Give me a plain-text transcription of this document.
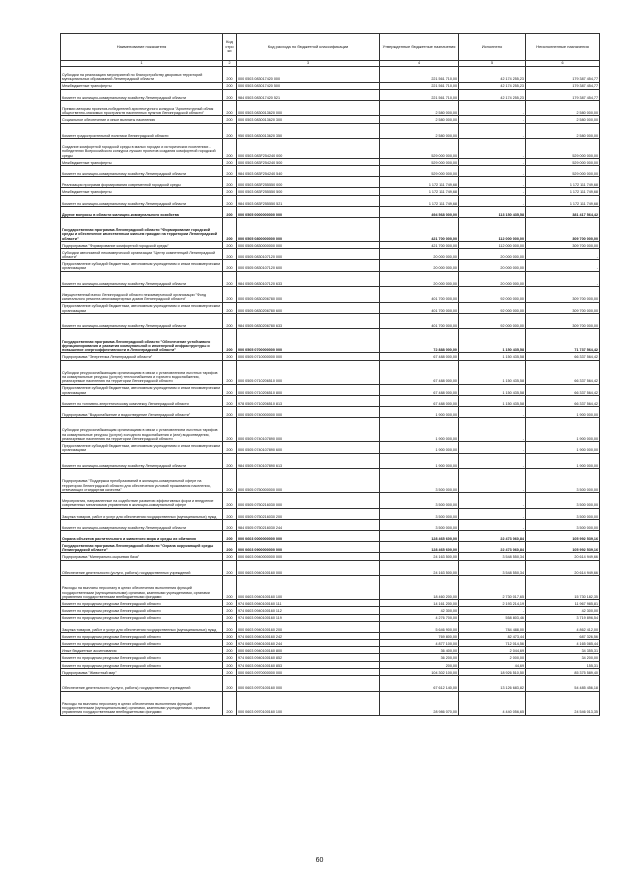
Наименование показателя	Код стро ки	Код расхода по бюджетной классификации	Утвержденные бюджетные назначения	Исполнено	Неисполненные назначения
1	2	3	4	5	6
Субсидии на реализацию мероприятий по благоустройству дворовых территорий муниципальных образований Ленинградской области	200	000 0503 083017420 000	221 561 710,00	42 174 255,23	179 387 454,77
Межбюджетные трансферты	200	000 0503 083017420 500	221 561 710,00	42 174 255,23	179 387 454,77
Комитет по жилищно-коммунальному хозяйству Ленинградской области	200	984 0503 083017420 521	221 561 710,00	42 174 255,23	179 387 454,77
Премии авторам проектов-победителей архитектурного конкурса "Архитектурный облик общественно-значимых пространств населенных пунктов Ленинградской области"	200	000 0503 0830013620 000	2 580 000,00	-	2 580 000,00
Социальное обеспечение и иные выплаты населению	200	000 0503 0830013620 300	2 580 000,00	-	2 580 000,00
Комитет градостроительной политики Ленинградской области	200	950 0503 0830013620 350	2 580 000,00	-	2 580 000,00
Создание комфортной городской среды в малых городах и исторических поселениях - победителях Всероссийского конкурса лучших проектов создания комфортной городской среды	200	000 0503 083F254240 000	529 000 000,00	-	529 000 000,00
Межбюджетные трансферты	200	000 0503 083F254240 500	529 000 000,00	-	529 000 000,00
Комитет по жилищно-коммунальному хозяйству Ленинградской области	200	984 0503 083F254240 540	529 000 000,00	-	529 000 000,00
Реализация программ формирования современной городской среды	200	000 0503 083F255550 000	1 172 111 749,68	-	1 172 111 749,68
Межбюджетные трансферты	200	000 0503 083F255550 500	1 172 111 749,68	-	1 172 111 749,68
Комитет по жилищно-коммунальному хозяйству Ленинградской области	200	984 0503 083F255550 521	1 172 111 749,68	-	1 172 111 749,68
Другие вопросы в области жилищно-коммунального хозяйства	200	000 0505 0000000000 000	494 568 000,00	113 150 435,58	381 417 564,42
Государственная программа Ленинградской области "Формирование городской среды и обеспечение качественным жильем граждан на территории Ленинградской области"	200	000 0505 0800000000 000	421 700 000,00	112 000 000,00	309 700 000,00
Подпрограмма "Формирование комфортной городской среды"	200	000 0505 0830000000 000	421 700 000,00	112 000 000,00	309 700 000,00
Субсидии автономной некоммерческой организации "Центр компетенций Ленинградской области"	200	000 0505 0830107120 000	20 000 000,00	20 000 000,00	-
Предоставление субсидий бюджетным, автономным учреждениям и иным некоммерческим организациям	200	000 0505 0830107120 600	20 000 000,00	20 000 000,00	-
Комитет по жилищно-коммунальному хозяйству Ленинградской области	200	984 0505 0830107120 633	20 000 000,00	20 000 000,00	-
Имущественный взнос Ленинградской области некоммерческой организации "Фонд капитального ремонта многоквартирных домов Ленинградской области"	200	000 0505 0830206780 000	401 700 000,00	92 000 000,00	309 700 000,00
Предоставление субсидий бюджетным, автономным учреждениям и иным некоммерческим организациям	200	000 0505 0830206780 600	401 700 000,00	92 000 000,00	309 700 000,00
Комитет по жилищно-коммунальному хозяйству Ленинградской области	200	984 0505 0830206780 633	401 700 000,00	92 000 000,00	309 700 000,00
Государственная программа Ленинградской области "Обеспечение устойчивого функционирования и развития коммунальной и инженерной инфраструктуры и повышение энергоэффективности в Ленинградской области"	200	000 0505 0700000000 000	72 888 000,00	1 150 435,58	71 737 564,42
Подпрограмма "Энергетика Ленинградской области"	200	000 0505 0710000000 000	67 488 000,00	1 150 435,58	66 337 564,42
Субсидии ресурсоснабжающим организациям в связи с установлением льготных тарифов на коммунальные ресурсы (услуги) теплоснабжения и горячего водоснабжения, реализуемые населению на территории Ленинградской области	200	000 0505 0710206510 000	67 488 000,00	1 150 435,58	66 337 564,42
Предоставление субсидий бюджетным, автономным учреждениям и иным некоммерческим организациям	200	000 0505 0710206510 800	67 488 000,00	1 150 435,58	66 337 564,42
Комитет по топливно-энергетическому комплексу Ленинградской области	200	978 0505 0710206510 813	67 488 000,00	1 150 435,58	66 337 564,42
Подпрограмма "Водоснабжение и водоотведение Ленинградской области"	200	000 0505 0740000000 000	1 900 000,00	-	1 900 000,00
Субсидии ресурсоснабжающим организациям в связи с установлением льготных тарифов на коммунальные ресурсы (услуги) холодного водоснабжения и (или) водоотведения, реализуемые населению на территории Ленинградской области	200	000 0505 0740107890 000	1 900 000,00	-	1 900 000,00
Предоставление субсидий бюджетным, автономным учреждениям и иным некоммерческим организациям	200	000 0505 0740107890 600	1 900 000,00	-	1 900 000,00
Комитет по жилищно-коммунальному хозяйству Ленинградской области	200	984 0505 0740107890 613	1 900 000,00	-	1 900 000,00
Подпрограмма "Поддержка преобразований в жилищно-коммунальной сфере на территории Ленинградской области для обеспечения условий проживания населения, отвечающих стандартам качества"	200	000 0505 0750000000 000	3 500 000,00	-	3 500 000,00
Мероприятия, направленные на содействие развитию эффективных форм и внедрение современных механизмов управления в жилищно-коммунальной сфере	200	000 0505 0750216030 000	3 500 000,00	-	3 500 000,00
Закупка товаров, работ и услуг для обеспечения государственных (муниципальных) нужд	200	000 0505 0750216030 200	3 500 000,00	-	3 500 000,00
Комитет по жилищно-коммунальному хозяйству Ленинградской области	200	984 0505 0750216030 244	3 500 000,00	-	3 500 000,00
Охрана объектов растительного и животного мира и среды их обитания	200	000 0603 0000000000 000	128 465 600,00	22 473 060,84	105 992 539,16
Государственная программа Ленинградской области "Охрана окружающей среды Ленинградской области"	200	000 0603 0900000000 000	128 465 600,00	22 473 060,84	105 992 539,16
Подпрограмма "Минерально-сырьевая база"	200	000 0603 0940000000 000	24 163 500,00	3 548 550,34	20 614 949,66
Обеспечение деятельности (услуги, работы) государственных учреждений	200	000 0603 0940100160 000	24 163 500,00	3 548 550,34	20 614 949,66
Расходы на выплаты персоналу в целях обеспечения выполнения функций государственными (муниципальными) органами, казенными учреждениями, органами управления государственными внебюджетными фондами	200	000 0603 0940100160 100	18 460 200,00	2 730 017,65	15 730 182,35
Комитет по природным ресурсам Ленинградской области	200	974 0603 0940100160 111	14 161 200,00	2 193 214,19	11 967 985,81
Комитет по природным ресурсам Ленинградской области	200	974 0603 0940100160 112	42 300,00	-	42 300,00
Комитет по природным ресурсам Ленинградской области	200	974 0603 0940100160 119	4 276 700,00	558 803,46	3 719 896,54
Закупка товаров, работ и услуг для обеспечения государственных (муниципальных) нужд	200	000 0603 0940100160 200	5 646 900,00	784 488,00	4 862 412,00
Комитет по природным ресурсам Ленинградской области	200	974 0603 0940100160 242	769 800,00	82 473,44	687 326,56
Комитет по природным ресурсам Ленинградской области	200	974 0603 0940100160 244	4 877 100,00	712 014,56	4 165 085,44
Иные бюджетные ассигнования	200	000 0603 0940100160 800	36 400,00	2 044,69	34 355,31
Комитет по природным ресурсам Ленинградской области	200	974 0603 0940100160 852	36 200,00	2 000,00	34 200,00
Комитет по природным ресурсам Ленинградской области	200	974 0603 0940100160 853	200,00	44,69	155,31
Подпрограмма "Животный мир"	200	000 0603 0970000000 000	104 302 100,00	18 926 510,50	85 375 589,40
Обеспечение деятельности (услуги, работы) государственных учреждений	200	000 0603 0970100160 000	67 612 140,00	13 126 683,82	54 485 456,18
Расходы на выплаты персоналу в целях обеспечения выполнения функций государственными (муниципальными) органами, казенными учреждениями, органами управления государственными внебюджетными фондами	200	000 0603 0970100160 100	28 986 070,00	4 440 056,65	24 546 013,35
60
